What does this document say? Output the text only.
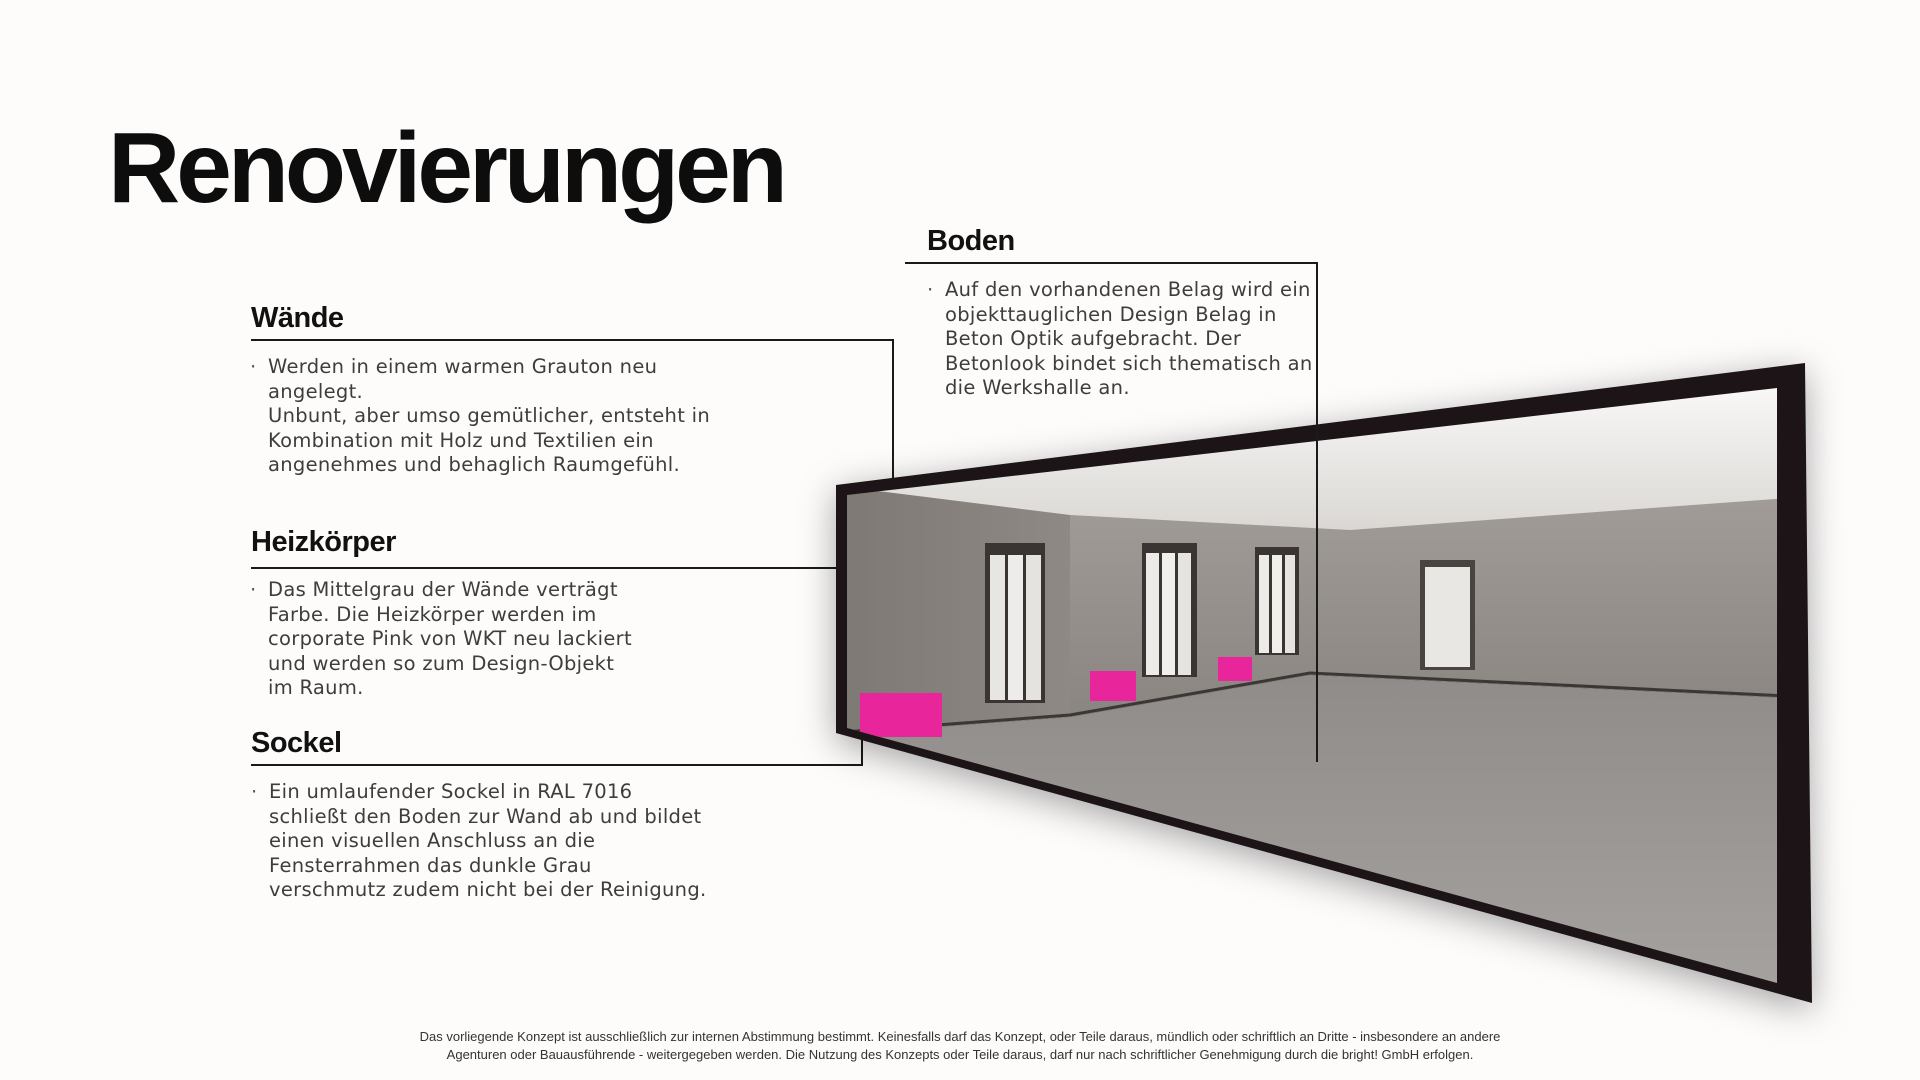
Renovierungen
Wände
· Werden in einem warmen Grauton neu
angelegt.
Unbunt, aber umso gemütlicher, entsteht in
Kombination mit Holz und Textilien ein
angenehmes und behaglich Raumgefühl.
Heizkörper
· Das Mittelgrau der Wände verträgt
Farbe. Die Heizkörper werden im
corporate Pink von WKT neu lackiert
und werden so zum Design-Objekt
im Raum.
Sockel
· Ein umlaufender Sockel in RAL 7016
schließt den Boden zur Wand ab und bildet
einen visuellen Anschluss an die
Fensterrahmen das dunkle Grau
verschmutz zudem nicht bei der Reinigung.
Boden
· Auf den vorhandenen Belag wird ein
objekttauglichen Design Belag in
Beton Optik aufgebracht. Der
Betonlook bindet sich thematisch an
die Werkshalle an.
Das vorliegende Konzept ist ausschließlich zur internen Abstimmung bestimmt. Keinesfalls darf das Konzept, oder Teile daraus, mündlich oder schriftlich an Dritte - insbesondere an andere
Agenturen oder Bauausführende - weitergegeben werden. Die Nutzung des Konzepts oder Teile daraus, darf nur nach schriftlicher Genehmigung durch die bright! GmbH erfolgen.
